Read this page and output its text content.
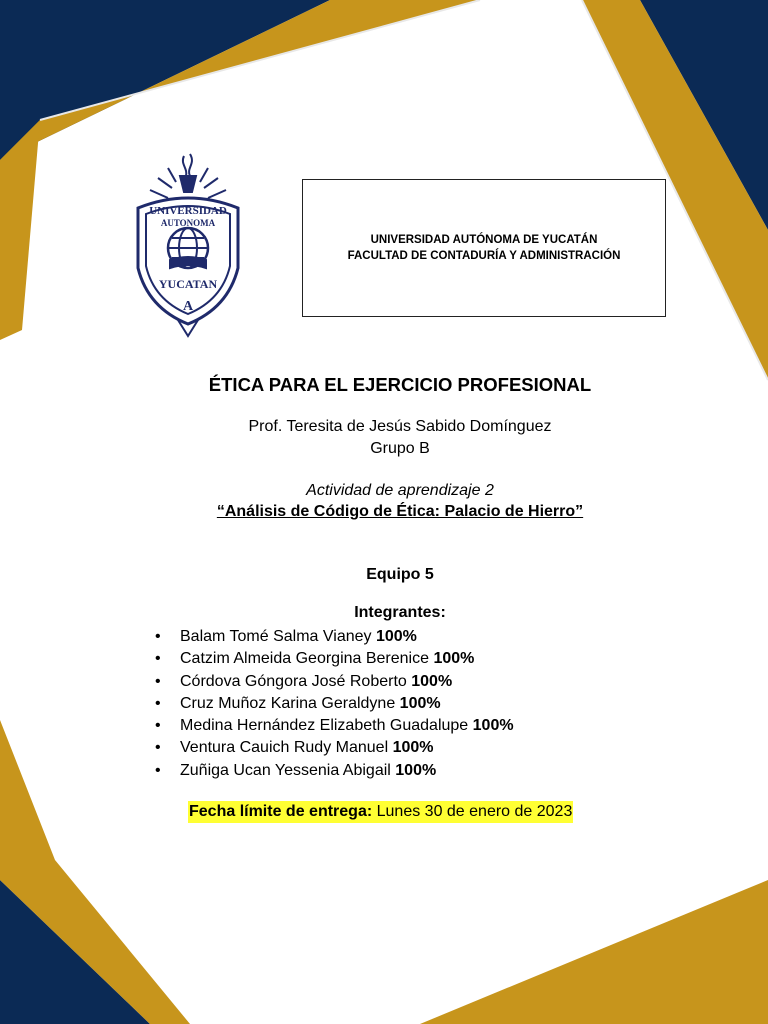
UNIVERSIDAD
AUTONOMA
YUCATAN
A
UNIVERSIDAD AUTÓNOMA DE YUCATÁN
FACULTAD DE CONTADURÍA Y ADMINISTRACIÓN
ÉTICA PARA EL EJERCICIO PROFESIONAL
Prof. Teresita de Jesús Sabido Domínguez
Grupo B
Actividad de aprendizaje 2
“Análisis de Código de Ética: Palacio de Hierro”
Equipo 5
Integrantes:
• Balam Tomé Salma Vianey 100%
• Catzim Almeida Georgina Berenice 100%
• Córdova Góngora José Roberto 100%
• Cruz Muñoz Karina Geraldyne 100%
• Medina Hernández Elizabeth Guadalupe 100%
• Ventura Cauich Rudy Manuel 100%
• Zuñiga Ucan Yessenia Abigail 100%
Fecha límite de entrega: Lunes 30 de enero de 2023
